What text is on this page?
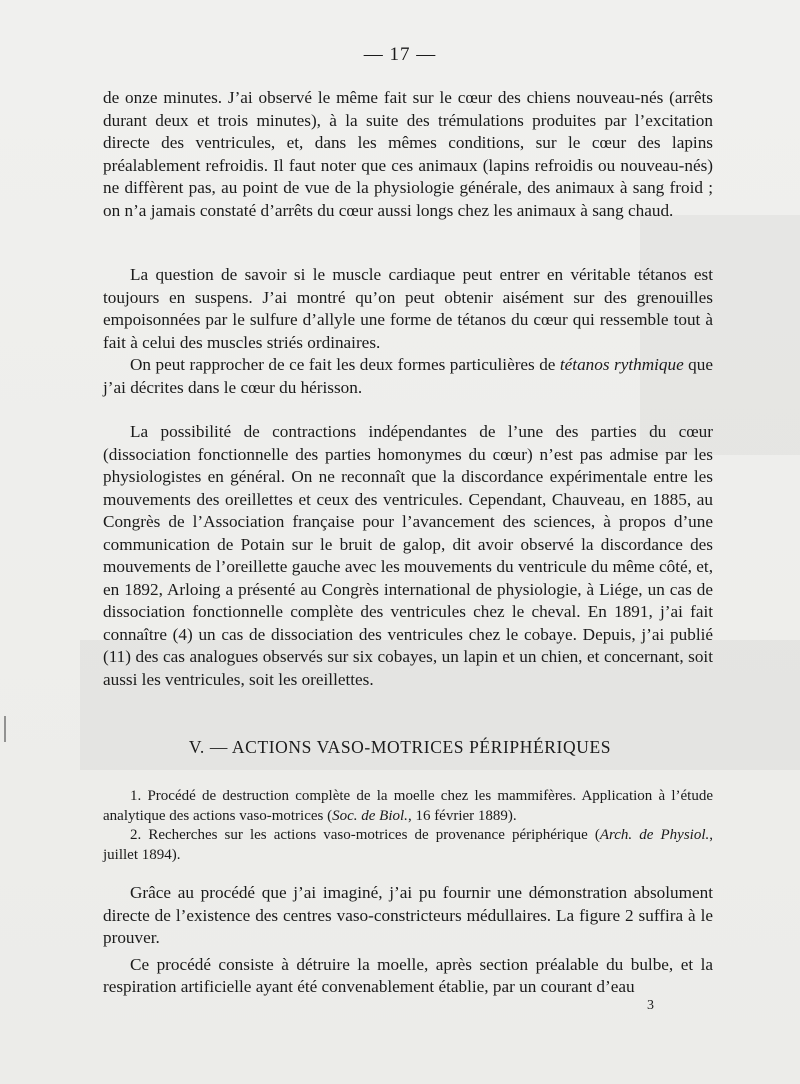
— 17 —

de onze minutes. J’ai observé le même fait sur le cœur des chiens nouveau-nés (arrêts durant deux et trois minutes), à la suite des trémulations produites par l’excitation directe des ventricules, et, dans les mêmes conditions, sur le cœur des lapins préalablement refroidis. Il faut noter que ces animaux (lapins refroidis ou nouveau-nés) ne diffèrent pas, au point de vue de la physiologie générale, des animaux à sang froid ; on n’a jamais constaté d’arrêts du cœur aussi longs chez les animaux à sang chaud.

La question de savoir si le muscle cardiaque peut entrer en véritable tétanos est toujours en suspens. J’ai montré qu’on peut obtenir aisément sur des grenouilles empoisonnées par le sulfure d’allyle une forme de tétanos du cœur qui ressemble tout à fait à celui des muscles striés ordinaires.

On peut rapprocher de ce fait les deux formes particulières de tétanos rythmique que j’ai décrites dans le cœur du hérisson.

La possibilité de contractions indépendantes de l’une des parties du cœur (dissociation fonctionnelle des parties homonymes du cœur) n’est pas admise par les physiologistes en général. On ne reconnaît que la discordance expérimentale entre les mouvements des oreillettes et ceux des ventricules. Cependant, Chauveau, en 1885, au Congrès de l’Association française pour l’avancement des sciences, à propos d’une communication de Potain sur le bruit de galop, dit avoir observé la discordance des mouvements de l’oreillette gauche avec les mouvements du ventricule du même côté, et, en 1892, Arloing a présenté au Congrès international de physiologie, à Liége, un cas de dissociation fonctionnelle complète des ventricules chez le cheval. En 1891, j’ai fait connaître (4) un cas de dissociation des ventricules chez le cobaye. Depuis, j’ai publié (11) des cas analogues observés sur six cobayes, un lapin et un chien, et concernant, soit aussi les ventricules, soit les oreillettes.

V. — ACTIONS VASO-MOTRICES PÉRIPHÉRIQUES

1. Procédé de destruction complète de la moelle chez les mammifères. Application à l’étude analytique des actions vaso-motrices (Soc. de Biol., 16 février 1889).

2. Recherches sur les actions vaso-motrices de provenance périphérique (Arch. de Physiol., juillet 1894).

Grâce au procédé que j’ai imaginé, j’ai pu fournir une démonstration absolument directe de l’existence des centres vaso-constricteurs médullaires. La figure 2 suffira à le prouver.

Ce procédé consiste à détruire la moelle, après section préalable du bulbe, et la respiration artificielle ayant été convenablement établie, par un courant d’eau

3
